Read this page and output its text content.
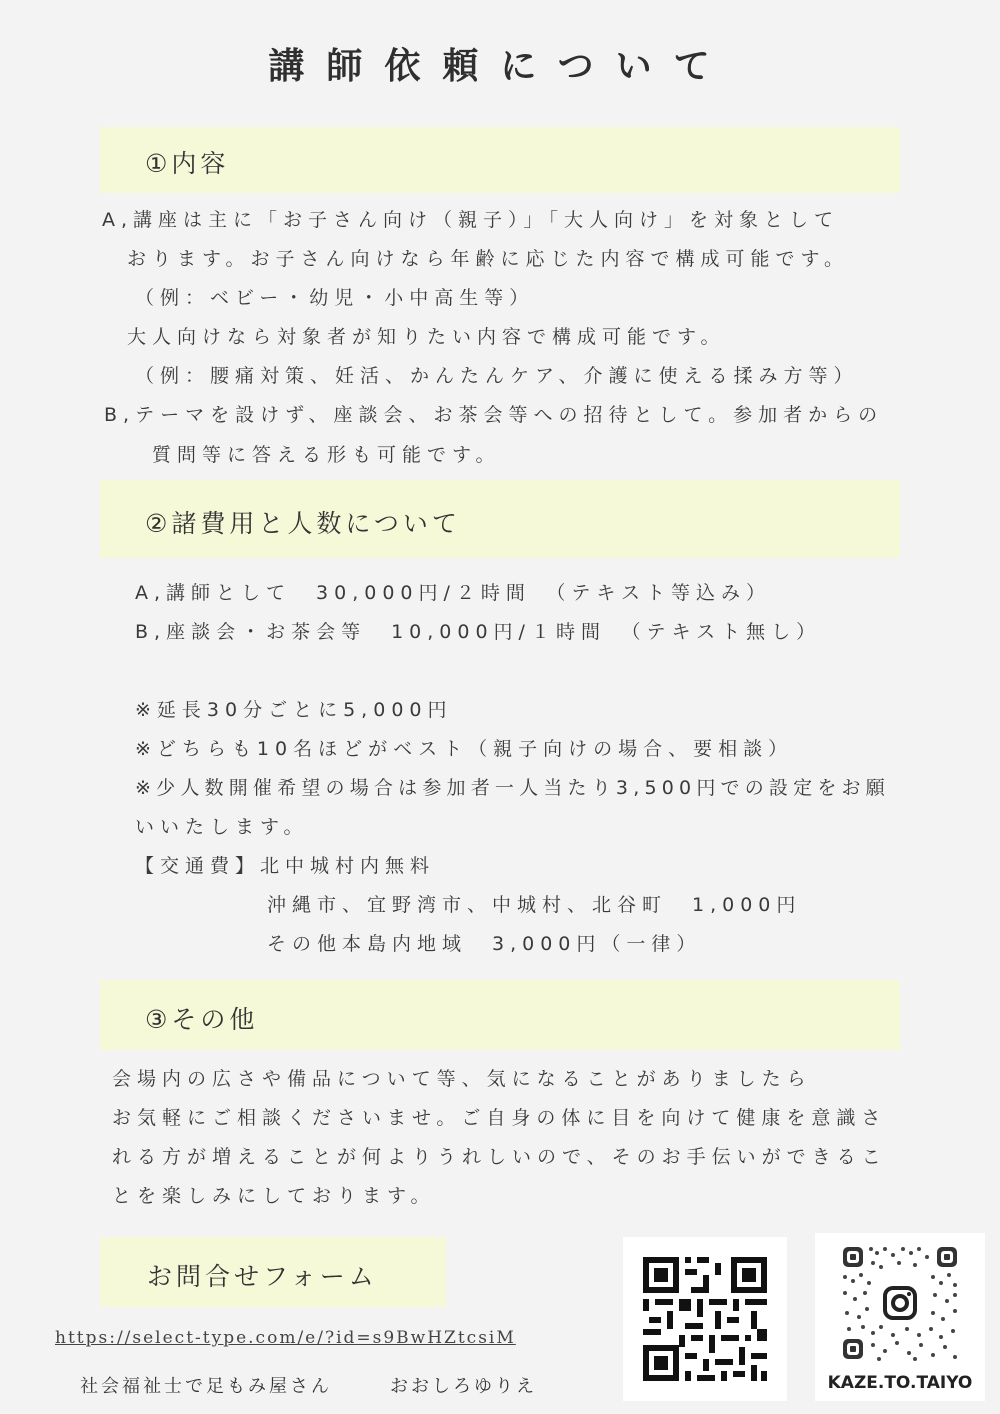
講師依頼について
①内容
A,講座は主に「お子さん向け（親子）」「大人向け」を対象として
おります。お子さん向けなら年齢に応じた内容で構成可能です。
（例：ベビー・幼児・小中高生等）
大人向けなら対象者が知りたい内容で構成可能です。
（例：腰痛対策、妊活、かんたんケア、介護に使える揉み方等）
B,テーマを設けず、座談会、お茶会等への招待として。参加者からの
質問等に答える形も可能です。
②諸費用と人数について
A,講師として　30,000円/２時間　（テキスト等込み）
B,座談会・お茶会等　10,000円/１時間　（テキスト無し）
※延長30分ごとに5,000円
※どちらも10名ほどがベスト（親子向けの場合、要相談）
※少人数開催希望の場合は参加者一人当たり3,500円での設定をお願
いいたします。
【交通費】北中城村内無料
沖縄市、宜野湾市、中城村、北谷町　1,000円
その他本島内地域　3,000円（一律）
③その他
会場内の広さや備品について等、気になることがありましたら
お気軽にご相談くださいませ。ご自身の体に目を向けて健康を意識さ
れる方が増えることが何よりうれしいので、そのお手伝いができるこ
とを楽しみにしております。
お問合せフォーム
https://select-type.com/e/?id=s9BwHZtcsiM
社会福祉士で足もみ屋さん	おおしろゆりえ	KAZE.TO.TAIYO
